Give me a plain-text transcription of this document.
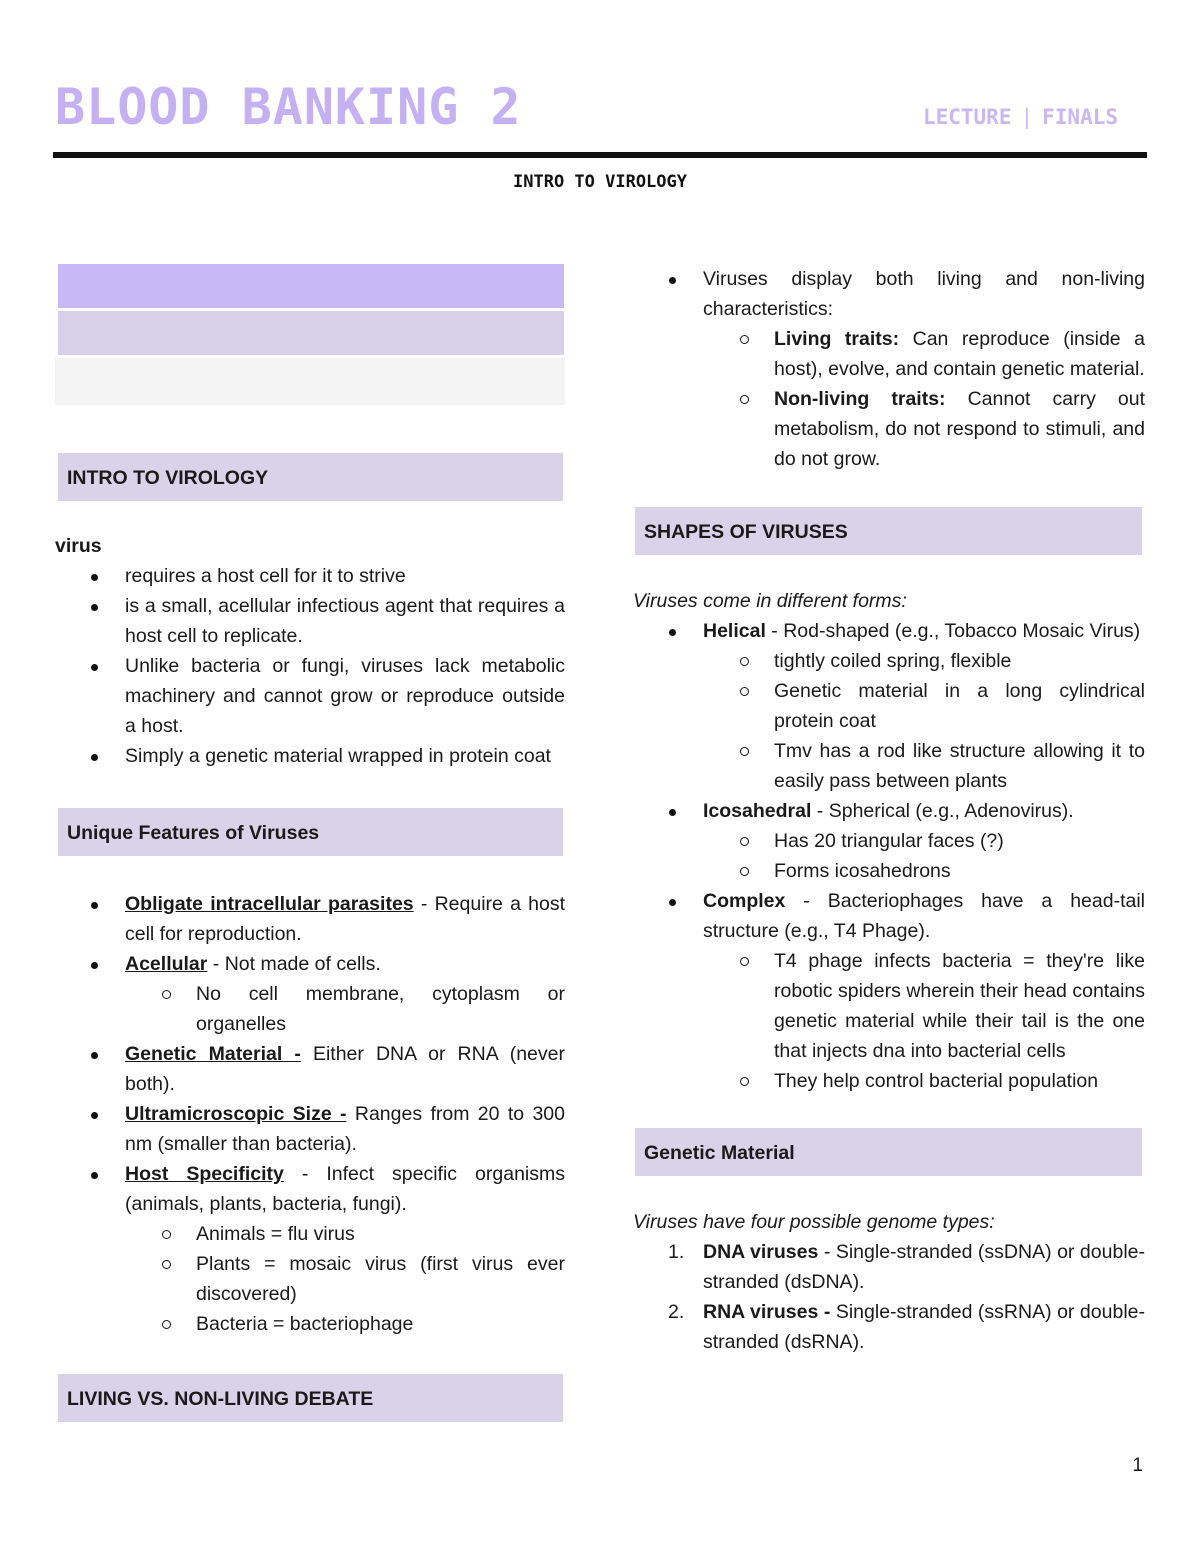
BLOOD BANKING 2	LECTURE | FINALS
INTRO TO VIROLOGY
INTRO TO VIROLOGY

virus

requires a host cell for it to strive
is a small, acellular infectious agent that requires a host cell to replicate.
Unlike bacteria or fungi, viruses lack metabolic machinery and cannot grow or reproduce outside a host.
Simply a genetic material wrapped in protein coat
Unique Features of Viruses
Obligate intracellular parasites - Require a host cell for reproduction.
Acellular - Not made of cells.
No cell membrane, cytoplasm or organelles
Genetic Material - Either DNA or RNA (never both).
Ultramicroscopic Size - Ranges from 20 to 300 nm (smaller than bacteria).
Host Specificity - Infect specific organisms (animals, plants, bacteria, fungi).
Animals = flu virus
Plants = mosaic virus (first virus ever discovered)
Bacteria = bacteriophage
LIVING VS. NON-LIVING DEBATE
Viruses display both living and non-living characteristics:
Living traits: Can reproduce (inside a host), evolve, and contain genetic material.
Non-living traits: Cannot carry out metabolism, do not respond to stimuli, and do not grow.
SHAPES OF VIRUSES

Viruses come in different forms:

Helical - Rod-shaped (e.g., Tobacco Mosaic Virus)
tightly coiled spring, flexible
Genetic material in a long cylindrical protein coat
Tmv has a rod like structure allowing it to easily pass between plants
Icosahedral - Spherical (e.g., Adenovirus).
Has 20 triangular faces (?)
Forms icosahedrons
Complex - Bacteriophages have a head-tail structure (e.g., T4 Phage).
T4 phage infects bacteria = they're like robotic spiders wherein their head contains genetic material while their tail is the one that injects dna into bacterial cells
They help control bacterial population
Genetic Material

Viruses have four possible genome types:

1. DNA viruses - Single-stranded (ssDNA) or double-stranded (dsDNA).
2. RNA viruses - Single-stranded (ssRNA) or double-stranded (dsRNA).
1
